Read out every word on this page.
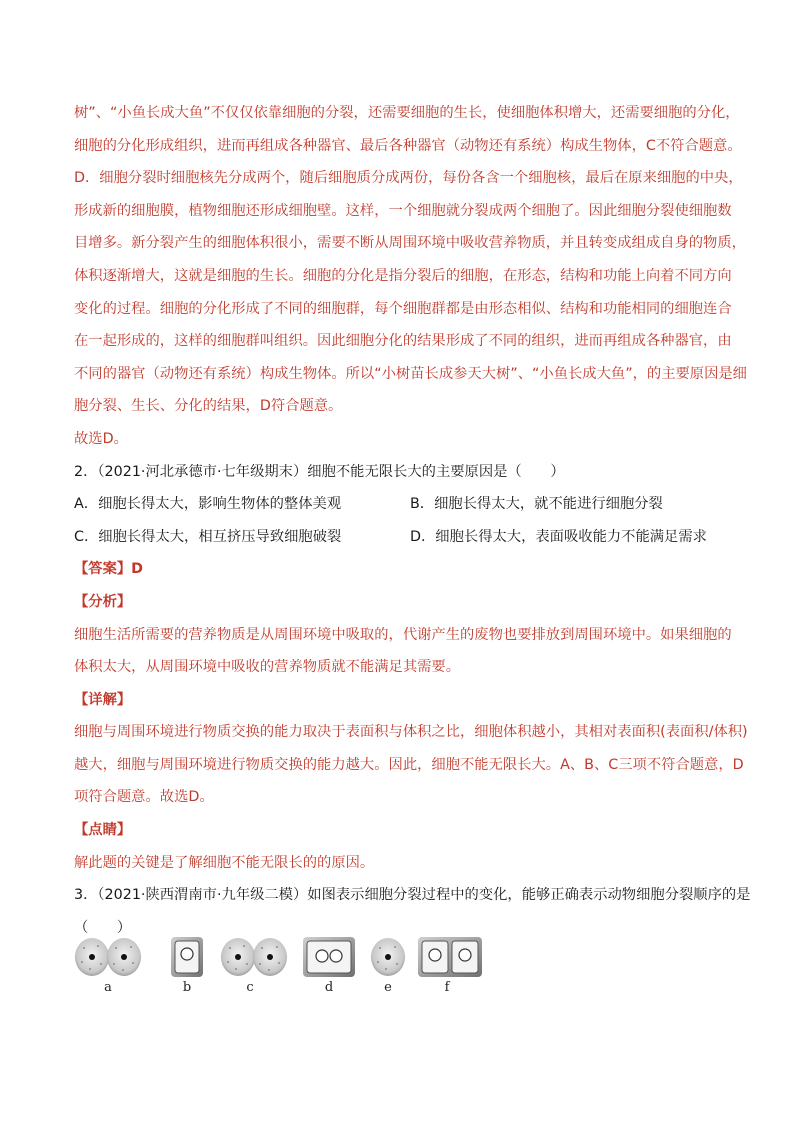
树”、“小鱼长成大鱼”不仅仅依靠细胞的分裂，还需要细胞的生长，使细胞体积增大，还需要细胞的分化，

细胞的分化形成组织，进而再组成各种器官、最后各种器官（动物还有系统）构成生物体，C不符合题意。

D．细胞分裂时细胞核先分成两个，随后细胞质分成两份，每份各含一个细胞核，最后在原来细胞的中央，

形成新的细胞膜，植物细胞还形成细胞壁。这样，一个细胞就分裂成两个细胞了。因此细胞分裂使细胞数

目增多。新分裂产生的细胞体积很小，需要不断从周围环境中吸收营养物质，并且转变成组成自身的物质，

体积逐渐增大，这就是细胞的生长。细胞的分化是指分裂后的细胞，在形态，结构和功能上向着不同方向

变化的过程。细胞的分化形成了不同的细胞群，每个细胞群都是由形态相似、结构和功能相同的细胞连合

在一起形成的，这样的细胞群叫组织。因此细胞分化的结果形成了不同的组织，进而再组成各种器官，由

不同的器官（动物还有系统）构成生物体。所以“小树苗长成参天大树”、“小鱼长成大鱼”，的主要原因是细

胞分裂、生长、分化的结果，D符合题意。

故选D。

2．（2021·河北承德市·七年级期末）细胞不能无限长大的主要原因是（　　）

A．细胞长得太大，影响生物体的整体美观	B．细胞长得太大，就不能进行细胞分裂

C．细胞长得太大，相互挤压导致细胞破裂	D．细胞长得太大，表面吸收能力不能满足需求

【答案】D

【分析】

细胞生活所需要的营养物质是从周围环境中吸取的，代谢产生的废物也要排放到周围环境中。如果细胞的

体积太大，从周围环境中吸收的营养物质就不能满足其需要。

【详解】

细胞与周围环境进行物质交换的能力取决于表面积与体积之比，细胞体积越小，其相对表面积(表面积/体积)

越大，细胞与周围环境进行物质交换的能力越大。因此，细胞不能无限长大。A、B、C三项不符合题意，D

项符合题意。故选D。

【点睛】

解此题的关键是了解细胞不能无限长的的原因。

3．（2021·陕西渭南市·九年级二模）如图表示细胞分裂过程中的变化，能够正确表示动物细胞分裂顺序的是

（　　）

a	b	c	d	e	f
